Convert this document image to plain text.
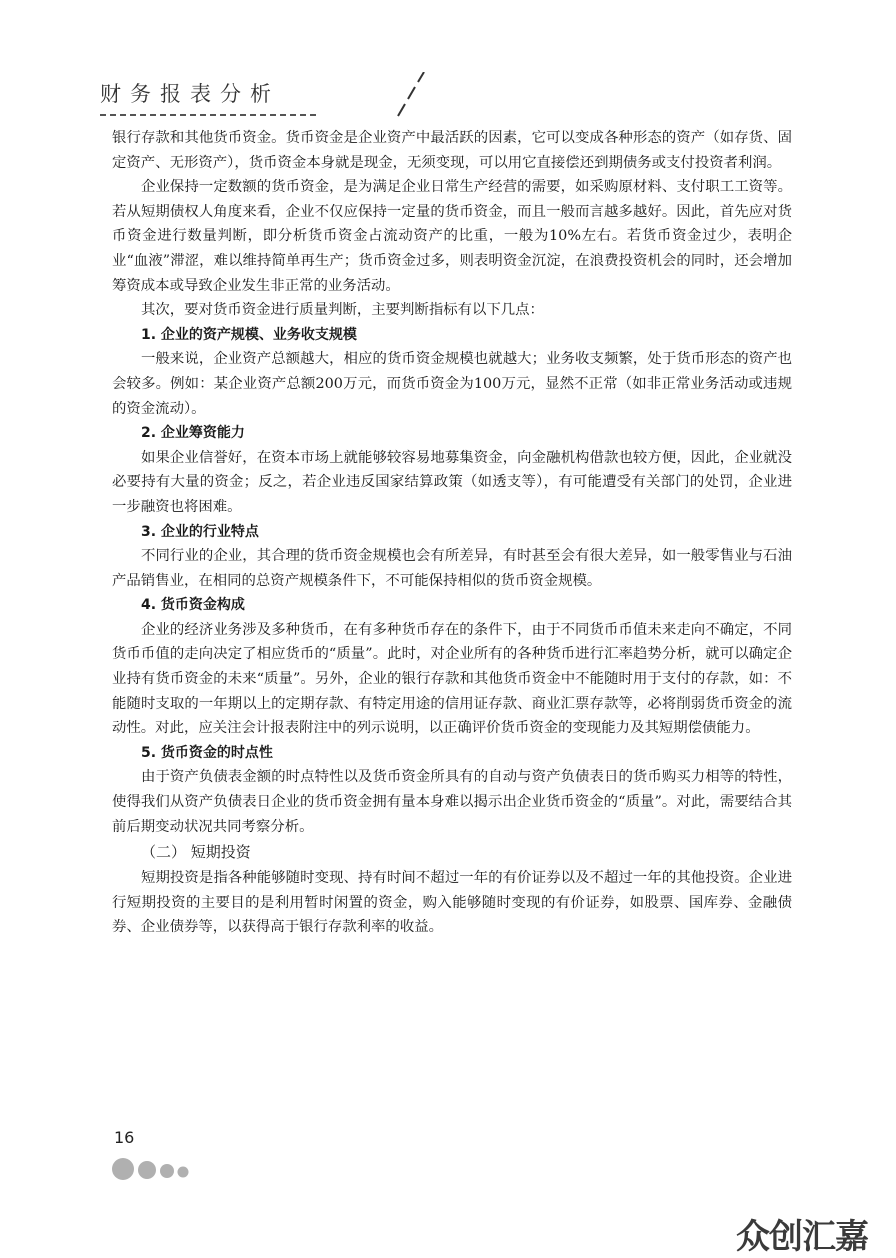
财务报表分析

银行存款和其他货币资金。货币资金是企业资产中最活跃的因素，它可以变成各种形态的资产（如存货、固定资产、无形资产），货币资金本身就是现金，无须变现，可以用它直接偿还到期债务或支付投资者利润。

企业保持一定数额的货币资金，是为满足企业日常生产经营的需要，如采购原材料、支付职工工资等。若从短期债权人角度来看，企业不仅应保持一定量的货币资金，而且一般而言越多越好。因此，首先应对货币资金进行数量判断，即分析货币资金占流动资产的比重，一般为10%左右。若货币资金过少，表明企业“血液”滞涩，难以维持简单再生产；货币资金过多，则表明资金沉淀，在浪费投资机会的同时，还会增加筹资成本或导致企业发生非正常的业务活动。

其次，要对货币资金进行质量判断，主要判断指标有以下几点：

1. 企业的资产规模、业务收支规模

一般来说，企业资产总额越大，相应的货币资金规模也就越大；业务收支频繁，处于货币形态的资产也会较多。例如：某企业资产总额200万元，而货币资金为100万元，显然不正常（如非正常业务活动或违规的资金流动）。

2. 企业筹资能力

如果企业信誉好，在资本市场上就能够较容易地募集资金，向金融机构借款也较方便，因此，企业就没必要持有大量的资金；反之，若企业违反国家结算政策（如透支等），有可能遭受有关部门的处罚，企业进一步融资也将困难。

3. 企业的行业特点

不同行业的企业，其合理的货币资金规模也会有所差异，有时甚至会有很大差异，如一般零售业与石油产品销售业，在相同的总资产规模条件下，不可能保持相似的货币资金规模。

4. 货币资金构成

企业的经济业务涉及多种货币，在有多种货币存在的条件下，由于不同货币币值未来走向不确定，不同货币币值的走向决定了相应货币的“质量”。此时，对企业所有的各种货币进行汇率趋势分析，就可以确定企业持有货币资金的未来“质量”。另外，企业的银行存款和其他货币资金中不能随时用于支付的存款，如：不能随时支取的一年期以上的定期存款、有特定用途的信用证存款、商业汇票存款等，必将削弱货币资金的流动性。对此，应关注会计报表附注中的列示说明，以正确评价货币资金的变现能力及其短期偿债能力。

5. 货币资金的时点性

由于资产负债表金额的时点特性以及货币资金所具有的自动与资产负债表日的货币购买力相等的特性，使得我们从资产负债表日企业的货币资金拥有量本身难以揭示出企业货币资金的“质量”。对此，需要结合其前后期变动状况共同考察分析。

（二） 短期投资

短期投资是指各种能够随时变现、持有时间不超过一年的有价证券以及不超过一年的其他投资。企业进行短期投资的主要目的是利用暂时闲置的资金，购入能够随时变现的有价证券，如股票、国库券、金融债券、企业债券等，以获得高于银行存款利率的收益。

16
众创汇嘉
